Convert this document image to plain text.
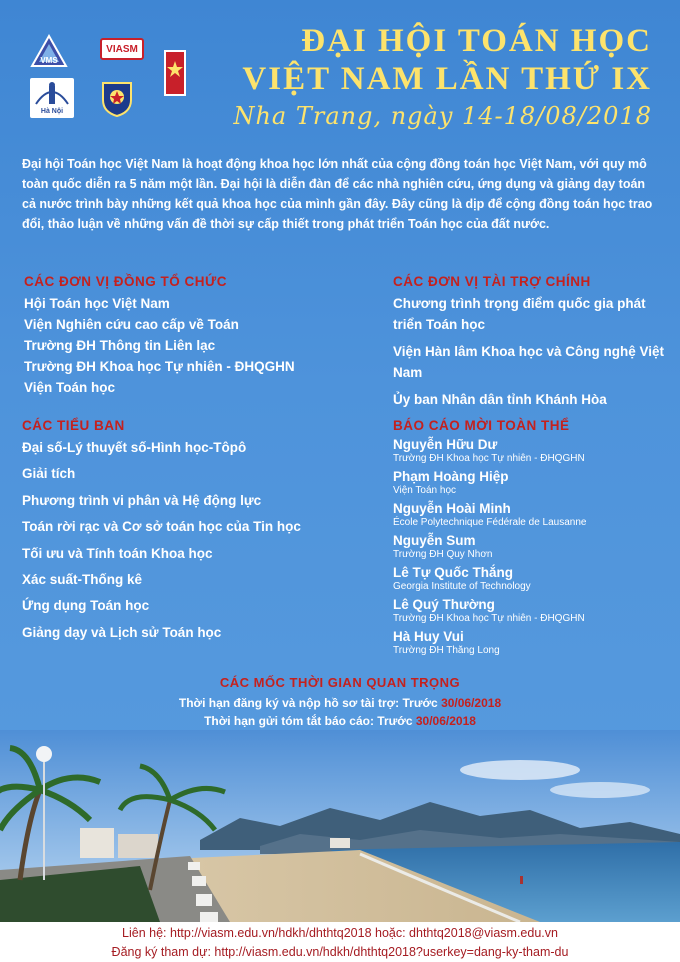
VMS
VIASM
Hà Nội
ĐẠI HỘI TOÁN HỌC
VIỆT NAM LẦN THỨ IX
Nha Trang, ngày 14-18/08/2018
Đại hội Toán học Việt Nam là hoạt động khoa học lớn nhất của cộng đồng toán học Việt Nam, với quy mô toàn quốc diễn ra 5 năm một lần. Đại hội là diễn đàn để các nhà nghiên cứu, ứng dụng và giảng dạy toán cả nước trình bày những kết quả khoa học của mình gần đây. Đây cũng là dịp để cộng đồng toán học trao đổi, thảo luận về những vấn đề thời sự cấp thiết trong phát triển Toán học của đất nước.
CÁC ĐƠN VỊ ĐỒNG TỔ CHỨC
Hội Toán học Việt Nam
Viện Nghiên cứu cao cấp về Toán
Trường ĐH Thông tin Liên lạc
Trường ĐH Khoa học Tự nhiên - ĐHQGHN
Viện Toán học
CÁC ĐƠN VỊ TÀI TRỢ CHÍNH
Chương trình trọng điểm quốc gia phát triển Toán học
Viện Hàn lâm Khoa học và Công nghệ Việt Nam
Ủy ban Nhân dân tỉnh Khánh Hòa
CÁC TIỂU BAN
Đại số-Lý thuyết số-Hình học-Tôpô
Giải tích
Phương trình vi phân và Hệ động lực
Toán rời rạc và Cơ sở toán học của Tin học
Tối ưu và Tính toán Khoa học
Xác suất-Thống kê
Ứng dụng Toán học
Giảng dạy và Lịch sử Toán học
BÁO CÁO MỜI TOÀN THỂ
Nguyễn Hữu Dư
Trường ĐH Khoa học Tự nhiên - ĐHQGHN
Phạm Hoàng Hiệp
Viện Toán học
Nguyễn Hoài Minh
École Polytechnique Fédérale de Lausanne
Nguyễn Sum
Trường ĐH Quy Nhơn
Lê Tự Quốc Thắng
Georgia Institute of Technology
Lê Quý Thường
Trường ĐH Khoa học Tự nhiên - ĐHQGHN
Hà Huy Vui
Trường ĐH Thăng Long
CÁC MỐC THỜI GIAN QUAN TRỌNG
Thời hạn đăng ký và nộp hồ sơ tài trợ: Trước 30/06/2018
Thời hạn gửi tóm tắt báo cáo: Trước 30/06/2018
Liên hệ: http://viasm.edu.vn/hdkh/dhthtq2018 hoặc: dhthtq2018@viasm.edu.vn
Đăng ký tham dự: http://viasm.edu.vn/hdkh/dhthtq2018?userkey=dang-ky-tham-du
